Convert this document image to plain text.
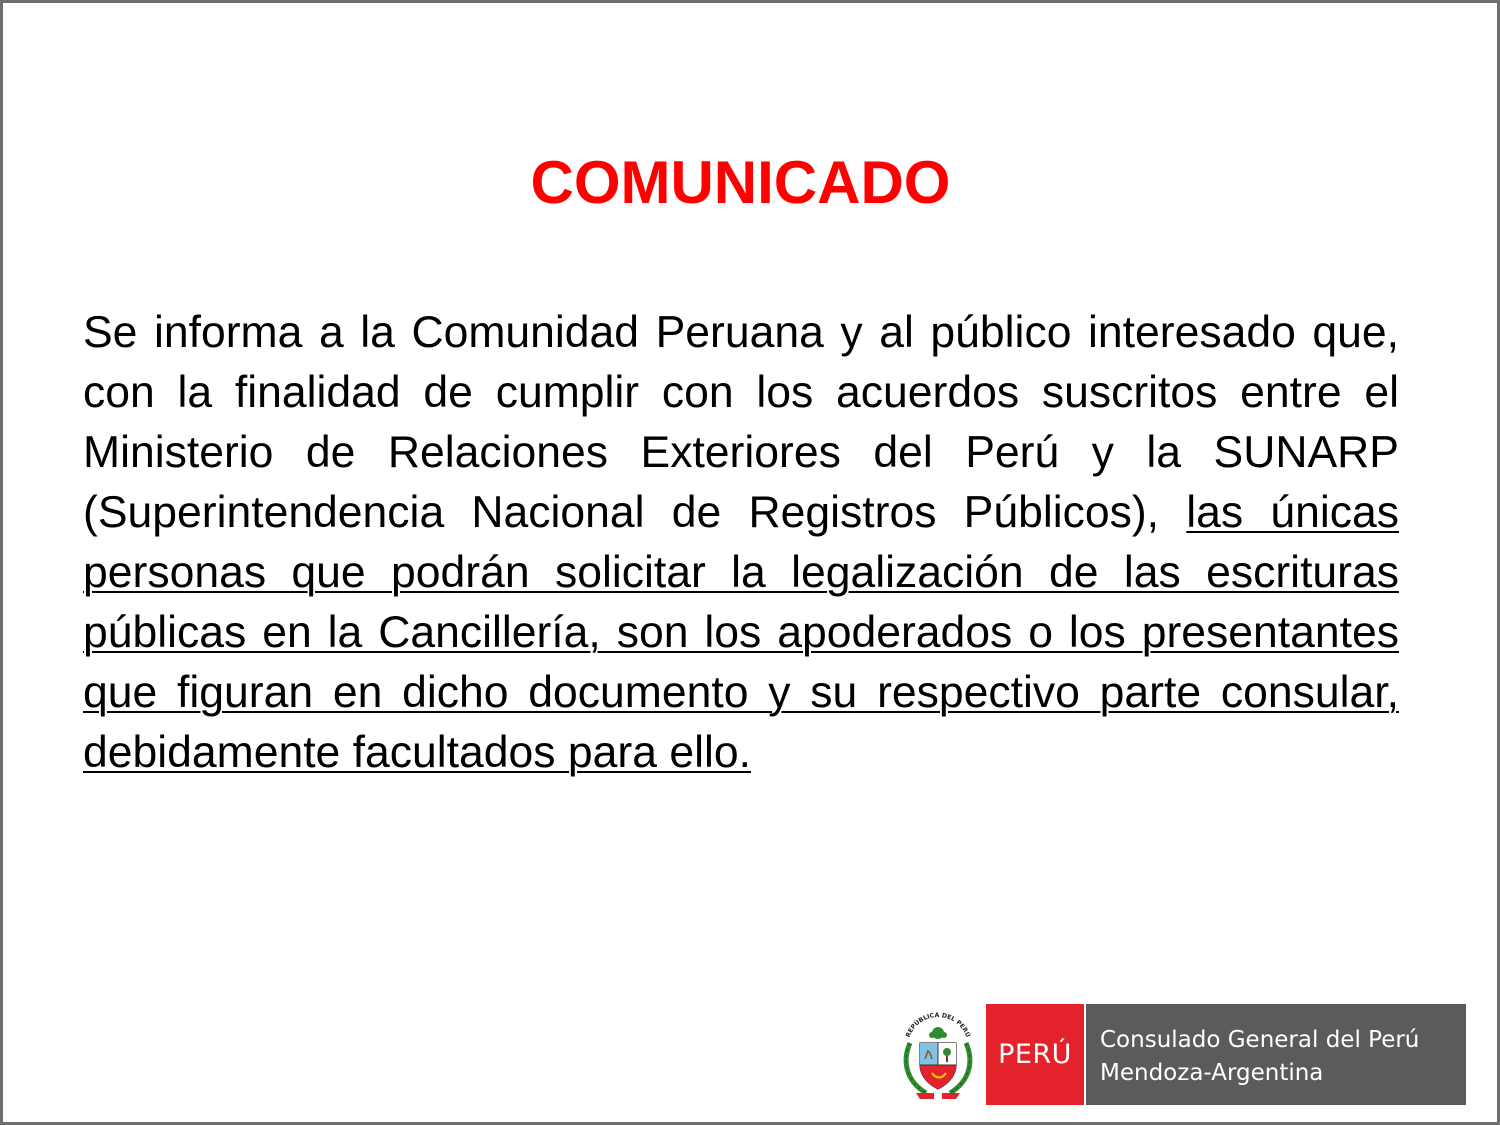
COMUNICADO

Se informa a la Comunidad Peruana y al público interesado que, con la finalidad de cumplir con los acuerdos suscritos entre el Ministerio de Relaciones Exteriores del Perú y la SUNARP (Superintendencia Nacional de Registros Públicos), las únicas personas que podrán solicitar la legalización de las escrituras públicas en la Cancillería, son los apoderados o los presentantes que figuran en dicho documento y su respectivo parte consular, debidamente facultados para ello.

REPÚBLICA DEL PERÚ
PERÚ Consulado General del Perú
Mendoza-Argentina
